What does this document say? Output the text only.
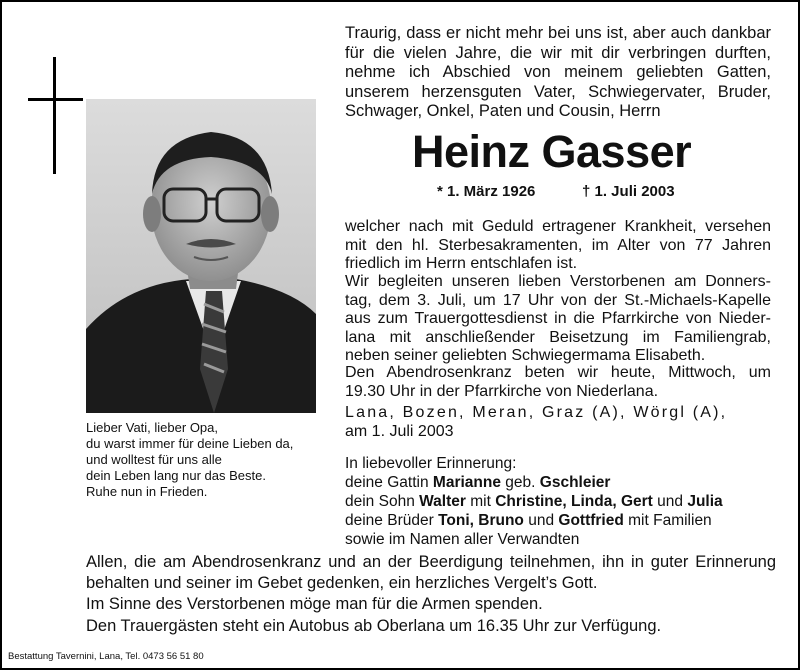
Lieber Vati, lieber Opa,
du warst immer für deine Lieben da,
und wolltest für uns alle
dein Leben lang nur das Beste.
Ruhe nun in Frieden.
Traurig, dass er nicht mehr bei uns ist, aber auch dankbar
für die vielen Jahre, die wir mit dir verbringen durften,
nehme ich Abschied von meinem geliebten Gatten,
unserem herzensguten Vater, Schwiegervater, Bruder,
Schwager, Onkel, Paten und Cousin, Herrn
Heinz Gasser
* 1. März 1926	† 1. Juli 2003
welcher nach mit Geduld ertragener Krankheit, versehen
mit den hl. Sterbesakramenten, im Alter von 77 Jahren
friedlich im Herrn entschlafen ist.
Wir begleiten unseren lieben Verstorbenen am Donners-
tag, dem 3. Juli, um 17 Uhr von der St.-Michaels-Kapelle
aus zum Trauergottesdienst in die Pfarrkirche von Nieder-
lana mit anschließender Beisetzung im Familiengrab,
neben seiner geliebten Schwiegermama Elisabeth.
Den Abendrosenkranz beten wir heute, Mittwoch, um
19.30 Uhr in der Pfarrkirche von Niederlana.
Lana, Bozen, Meran, Graz (A), Wörgl (A),
am 1. Juli 2003
In liebevoller Erinnerung:
deine Gattin Marianne geb. Gschleier
dein Sohn Walter mit Christine, Linda, Gert und Julia
deine Brüder Toni, Bruno und Gottfried mit Familien
sowie im Namen aller Verwandten
Allen, die am Abendrosenkranz und an der Beerdigung teilnehmen, ihn in guter Erinnerung
behalten und seiner im Gebet gedenken, ein herzliches Vergelt’s Gott.
Im Sinne des Verstorbenen möge man für die Armen spenden.
Den Trauergästen steht ein Autobus ab Oberlana um 16.35 Uhr zur Verfügung.
Bestattung Tavernini, Lana, Tel. 0473 56 51 80
